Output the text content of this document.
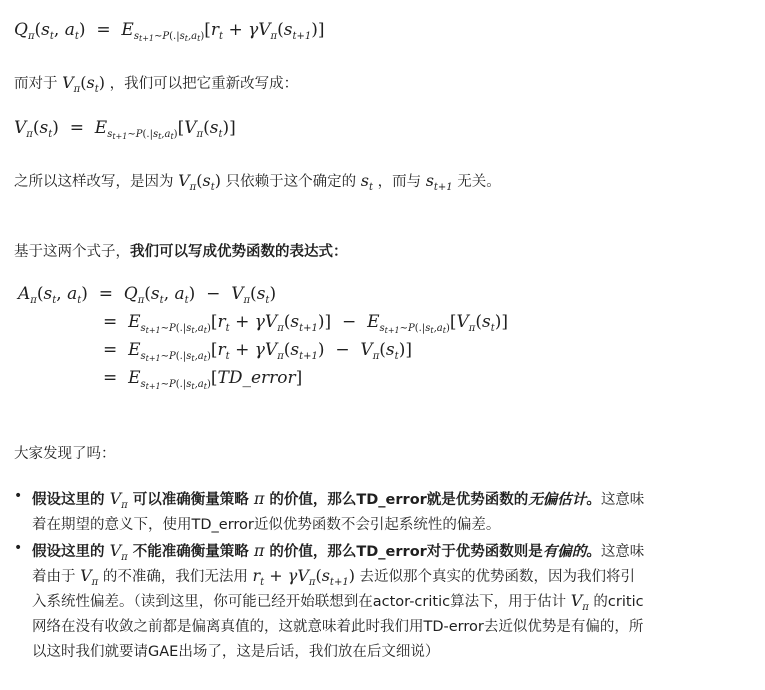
$Q_\pi(s_t$, $a_t) = E_{s_{t+1}\sim P(.|s_t,a_t)}[r_t + \gamma V_\pi(s_{t+1})]$
而对于 $V_\pi(s_t)$ ，我们可以把它重新改写成：
$V_\pi(s_t) = E_{s_{t+1}\sim P(.|s_t,a_t)}[V_\pi(s_t)]$
之所以这样改写，是因为 $V_\pi(s_t)$ 只依赖于这个确定的 $s_t$ ，而与 $s_{t+1}$ 无关。
基于这两个式子，我们可以写成优势函数的表达式：
$A_\pi(s_t$, $a_t) = Q_\pi(s_t$, $a_t) - V_\pi(s_t)$
= $E_{s_{t+1}\sim P(.|s_t,a_t)}[r_t + \gamma V_\pi(s_{t+1})] - E_{s_{t+1}\sim P(.|s_t,a_t)}[V_\pi(s_t)]$
= $E_{s_{t+1}\sim P(.|s_t,a_t)}[r_t + \gamma V_\pi(s_{t+1}) - V_\pi(s_t)]$
= $E_{s_{t+1}\sim P(.|s_t,a_t)}[TD\_error]$
大家发现了吗：
• 假设这里的 $V_\pi$ 可以准确衡量策略 π 的价值，那么TD_error就是优势函数的无偏估计。这意味
着在期望的意义下，使用TD_error近似优势函数不会引起系统性的偏差。
• 假设这里的 $V_\pi$ 不能准确衡量策略 π 的价值，那么TD_error对于优势函数则是有偏的。这意味
着由于 $V_\pi$ 的不准确，我们无法用 $r_t + \gamma V_\pi(s_{t+1})$ 去近似那个真实的优势函数，因为我们将引
入系统性偏差。（读到这里，你可能已经开始联想到在actor-critic算法下，用于估计 $V_\pi$ 的critic
网络在没有收敛之前都是偏离真值的，这就意味着此时我们用TD-error去近似优势是有偏的，所
以这时我们就要请GAE出场了，这是后话，我们放在后文细说）
